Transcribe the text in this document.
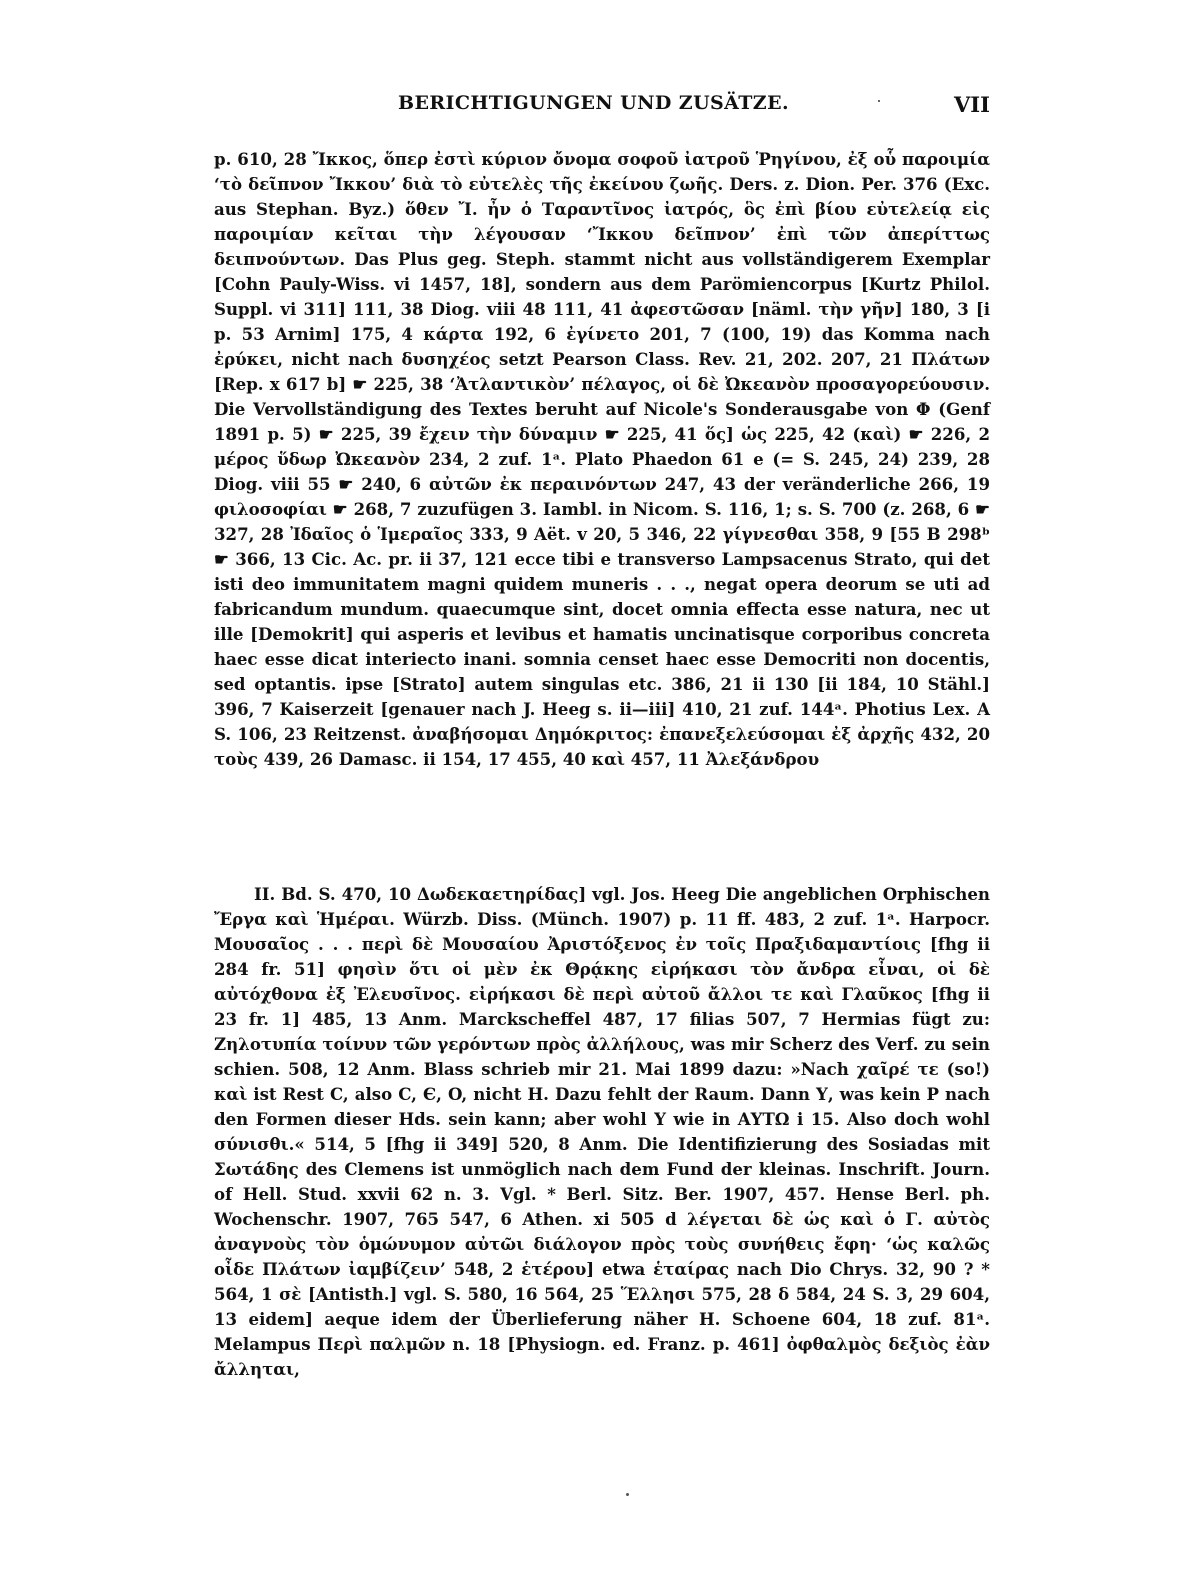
BERICHTIGUNGEN UND ZUSÄTZE.	VII
p. 610, 28 Ἴκκος, ὅπερ ἐστὶ κύριον ὄνομα σοφοῦ ἰατροῦ Ῥηγίνου, ἐξ οὗ παροιμία ‘τὸ δεῖπνον Ἴκκου’ διὰ τὸ εὐτελὲς τῆς ἐκείνου ζωῆς. Ders. z. Dion. Per. 376 (Exc. aus Stephan. Byz.) ὅθεν Ἴ. ἦν ὁ Ταραντῖνος ἰατρός, ὃς ἐπὶ βίου εὐτελείᾳ εἰς παροιμίαν κεῖται τὴν λέγουσαν ‘Ἴκκου δεῖπνον’ ἐπὶ τῶν ἀπερίττως δειπνούντων. Das Plus geg. Steph. stammt nicht aus vollständigerem Exemplar [Cohn Pauly-Wiss. vi 1457, 18], sondern aus dem Parömiencorpus [Kurtz Philol. Suppl. vi 311] 111, 38 Diog. viii 48 111, 41 ἀφεστῶσαν [näml. τὴν γῆν] 180, 3 [i p. 53 Arnim] 175, 4 κάρτα 192, 6 ἐγίνετο 201, 7 (100, 19) das Komma nach ἐρύκει, nicht nach δυσηχέος setzt Pearson Class. Rev. 21, 202. 207, 21 Πλάτων [Rep. x 617 b] ☛ 225, 38 ‘Ἀτλαντικὸν’ πέλαγος, οἱ δὲ Ὠκεανὸν προσαγορεύουσιν. Die Vervollständigung des Textes beruht auf Nicole's Sonderausgabe von Φ (Genf 1891 p. 5) ☛ 225, 39 ἔχειν τὴν δύναμιν ☛ 225, 41 ὅς] ὡς 225, 42 (καὶ) ☛ 226, 2 μέρος ὕδωρ Ὠκεανὸν 234, 2 zuf. 1ᵃ. Plato Phaedon 61 e (= S. 245, 24) 239, 28 Diog. viii 55 ☛ 240, 6 αὐτῶν ἐκ περαινόντων 247, 43 der veränderliche 266, 19 φιλοσοφίαι ☛ 268, 7 zuzufügen 3. Iambl. in Nicom. S. 116, 1; s. S. 700 (z. 268, 6 ☛ 327, 28 Ἰδαῖος ὁ Ἱμεραῖος 333, 9 Aët. v 20, 5 346, 22 γίγνεσθαι 358, 9 [55 B 298ᵇ ☛ 366, 13 Cic. Ac. pr. ii 37, 121 ecce tibi e transverso Lampsacenus Strato, qui det isti deo immunitatem magni quidem muneris . . ., negat opera deorum se uti ad fabricandum mundum. quaecumque sint, docet omnia effecta esse natura, nec ut ille [Demokrit] qui asperis et levibus et hamatis uncinatisque corporibus concreta haec esse dicat interiecto inani. somnia censet haec esse Democriti non docentis, sed optantis. ipse [Strato] autem singulas etc. 386, 21 ii 130 [ii 184, 10 Stähl.] 396, 7 Kaiserzeit [genauer nach J. Heeg s. ii—iii] 410, 21 zuf. 144ᵃ. Photius Lex. A S. 106, 23 Reitzenst. ἀναβήσομαι Δημόκριτος: ἐπανεξελεύσομαι ἐξ ἀρχῆς 432, 20 τοὺς 439, 26 Damasc. ii 154, 17 455, 40 καὶ 457, 11 Ἀλεξάνδρου
II. Bd. S. 470, 10 Δωδεκαετηρίδας] vgl. Jos. Heeg Die angeblichen Orphischen Ἔργα καὶ Ἡμέραι. Würzb. Diss. (Münch. 1907) p. 11 ff. 483, 2 zuf. 1ᵃ. Harpocr. Μουσαῖος . . . περὶ δὲ Μουσαίου Ἀριστόξενος ἐν τοῖς Πραξιδαμαντίοις [fhg ii 284 fr. 51] φησὶν ὅτι οἱ μὲν ἐκ Θρᾴκης εἰρήκασι τὸν ἄνδρα εἶναι, οἱ δὲ αὐτόχθονα ἐξ Ἐλευσῖνος. εἰρήκασι δὲ περὶ αὐτοῦ ἄλλοι τε καὶ Γλαῦκος [fhg ii 23 fr. 1] 485, 13 Anm. Marckscheffel 487, 17 filias 507, 7 Hermias fügt zu: Ζηλοτυπία τοίνυν τῶν γερόντων πρὸς ἀλλήλους, was mir Scherz des Verf. zu sein schien. 508, 12 Anm. Blass schrieb mir 21. Mai 1899 dazu: »Nach χαῖρέ τε (so!) καὶ ist Rest C, also C, Є, O, nicht H. Dazu fehlt der Raum. Dann Υ, was kein P nach den Formen dieser Hds. sein kann; aber wohl Υ wie in ΑΥΤΩ i 15. Also doch wohl σύνισθι.« 514, 5 [fhg ii 349] 520, 8 Anm. Die Identifizierung des Sosiadas mit Σωτάδης des Clemens ist unmöglich nach dem Fund der kleinas. Inschrift. Journ. of Hell. Stud. xxvii 62 n. 3. Vgl. * Berl. Sitz. Ber. 1907, 457. Hense Berl. ph. Wochenschr. 1907, 765 547, 6 Athen. xi 505 d λέγεται δὲ ὡς καὶ ὁ Γ. αὐτὸς ἀναγνοὺς τὸν ὁμώνυμον αὐτῶι διάλογον πρὸς τοὺς συνήθεις ἔφη· ‘ὡς καλῶς οἶδε Πλάτων ἰαμβίζειν’ 548, 2 ἑτέρου] etwa ἑταίρας nach Dio Chrys. 32, 90 ? * 564, 1 σὲ [Antisth.] vgl. S. 580, 16 564, 25 Ἕλλησι 575, 28 δ 584, 24 S. 3, 29 604, 13 eidem] aeque idem der Überlieferung näher H. Schoene 604, 18 zuf. 81ᵃ. Melampus Περὶ παλμῶν n. 18 [Physiogn. ed. Franz. p. 461] ὀφθαλμὸς δεξιὸς ἐὰν ἄλληται,
